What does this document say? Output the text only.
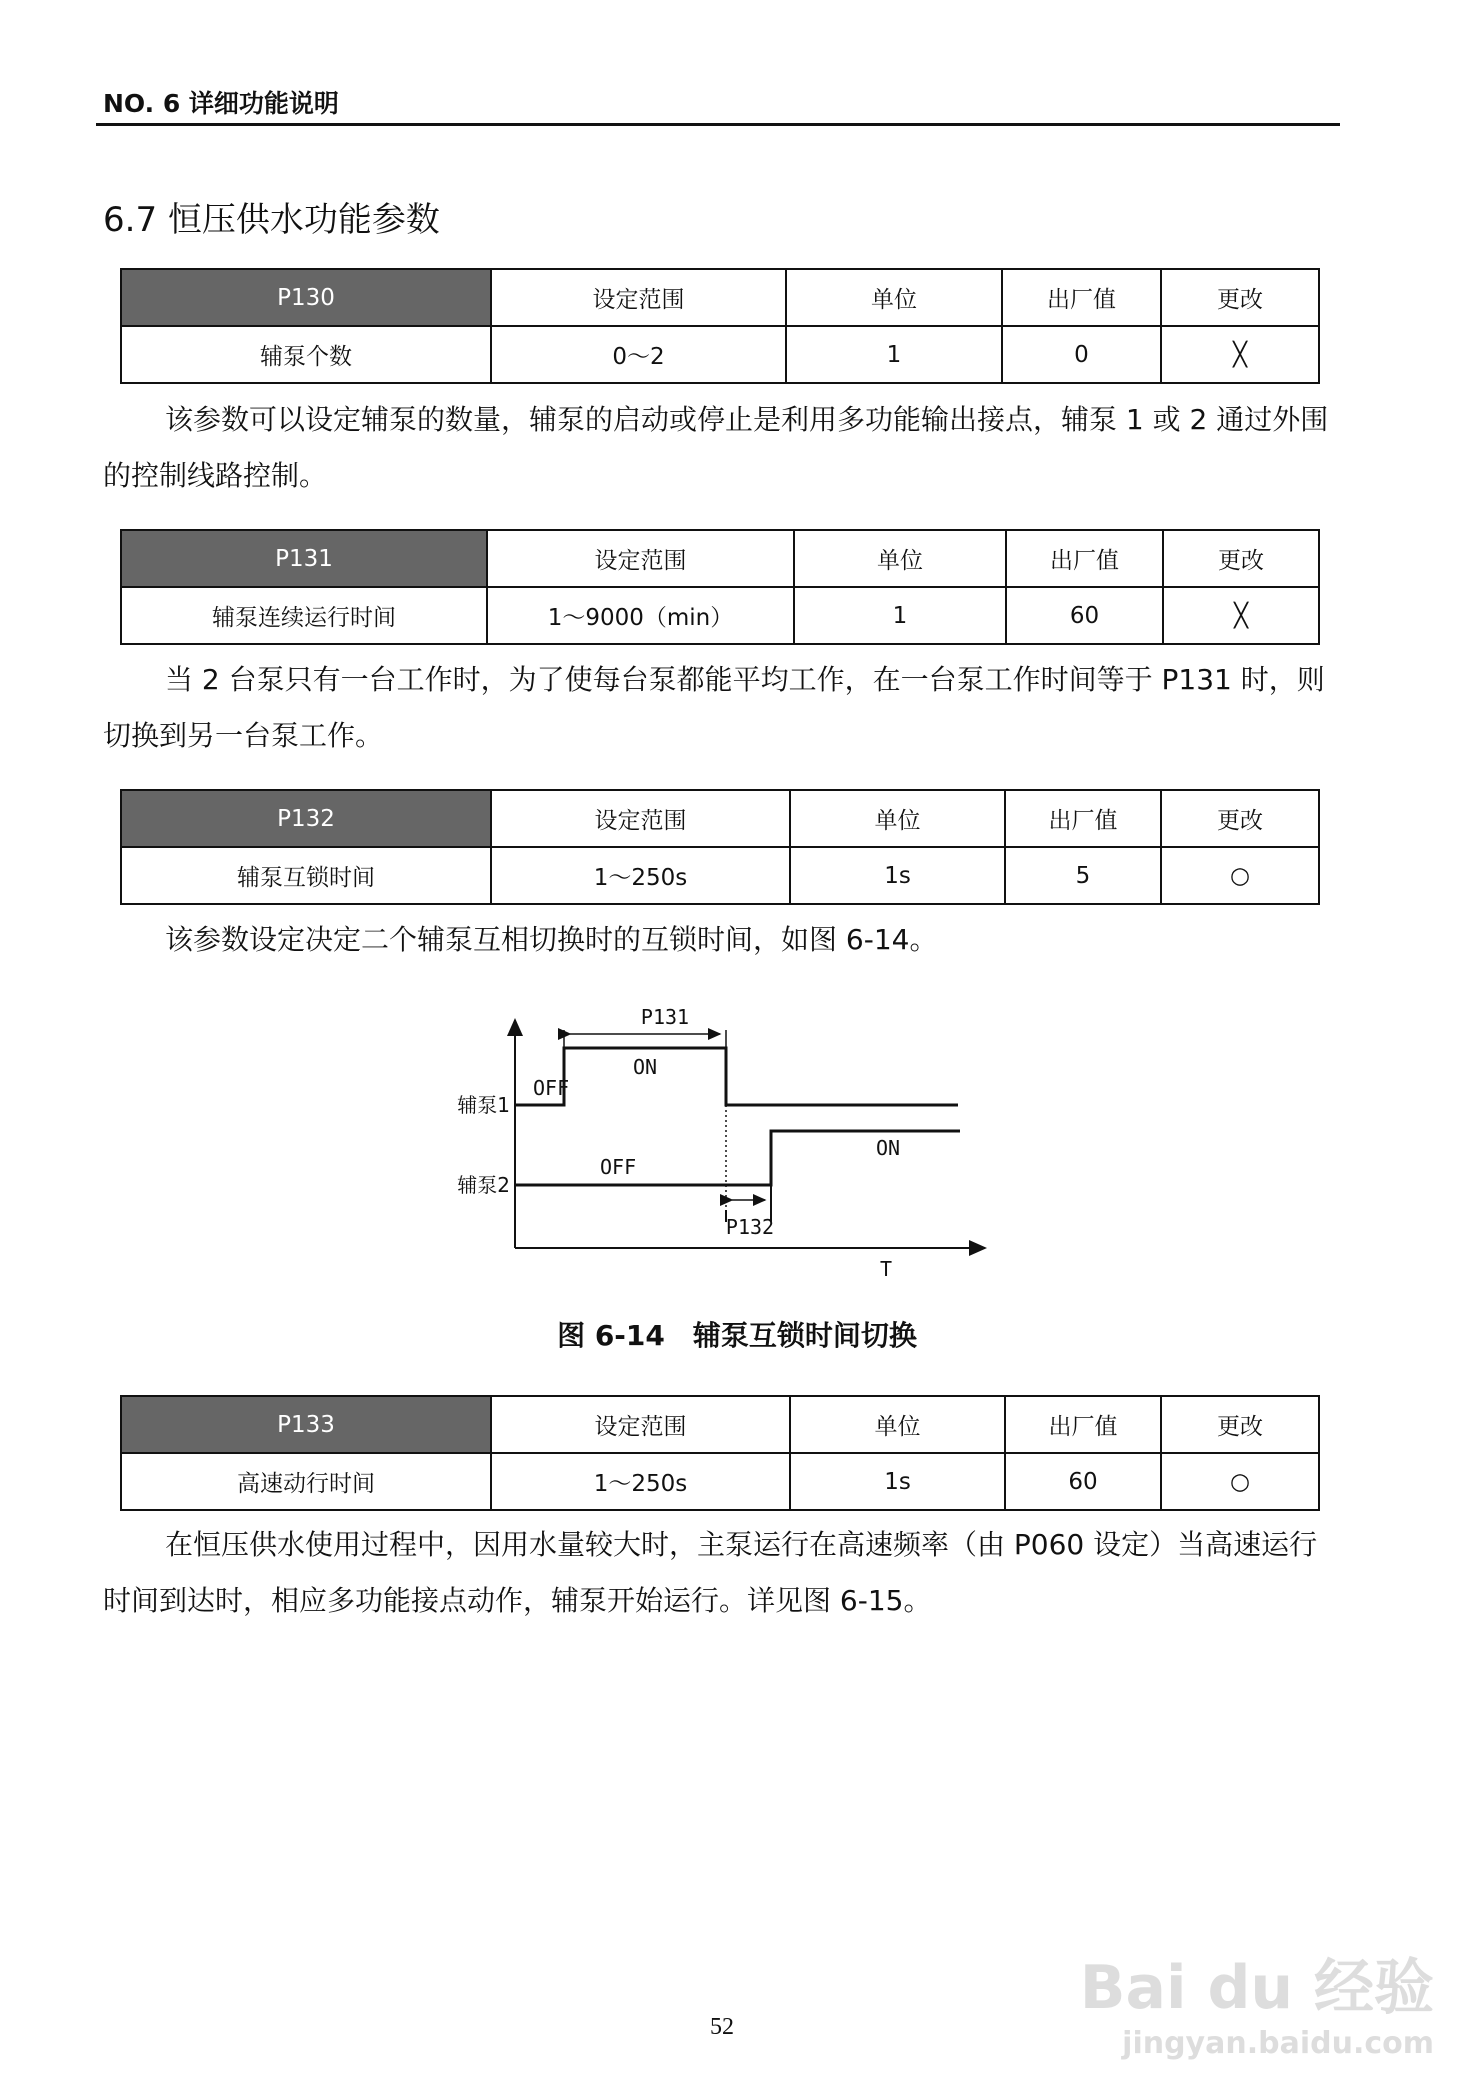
NO. 6 详细功能说明
6.7 恒压供水功能参数
P130	设定范围	单位	出厂值	更改
辅泵个数	0～2	1	0	╳
该参数可以设定辅泵的数量，辅泵的启动或停止是利用多功能输出接点，辅泵 1 或 2 通过外围的控制线路控制。
P131	设定范围	单位	出厂值	更改
辅泵连续运行时间	1～9000（min）	1	60	╳
当 2 台泵只有一台工作时，为了使每台泵都能平均工作，在一台泵工作时间等于 P131 时，则切换到另一台泵工作。
P132	设定范围	单位	出厂值	更改
辅泵互锁时间	1～250s	1s	5	○
该参数设定决定二个辅泵互相切换时的互锁时间，如图 6-14。
P131
ON
OFF
OFF
ON
P132
T
辅泵1
辅泵2
图 6-14　辅泵互锁时间切换
P133	设定范围	单位	出厂值	更改
高速动行时间	1～250s	1s	60	○
在恒压供水使用过程中，因用水量较大时，主泵运行在高速频率（由 P060 设定）当高速运行时间到达时，相应多功能接点动作，辅泵开始运行。详见图 6-15。
52
Bai du 经验
jingyan.baidu.com
